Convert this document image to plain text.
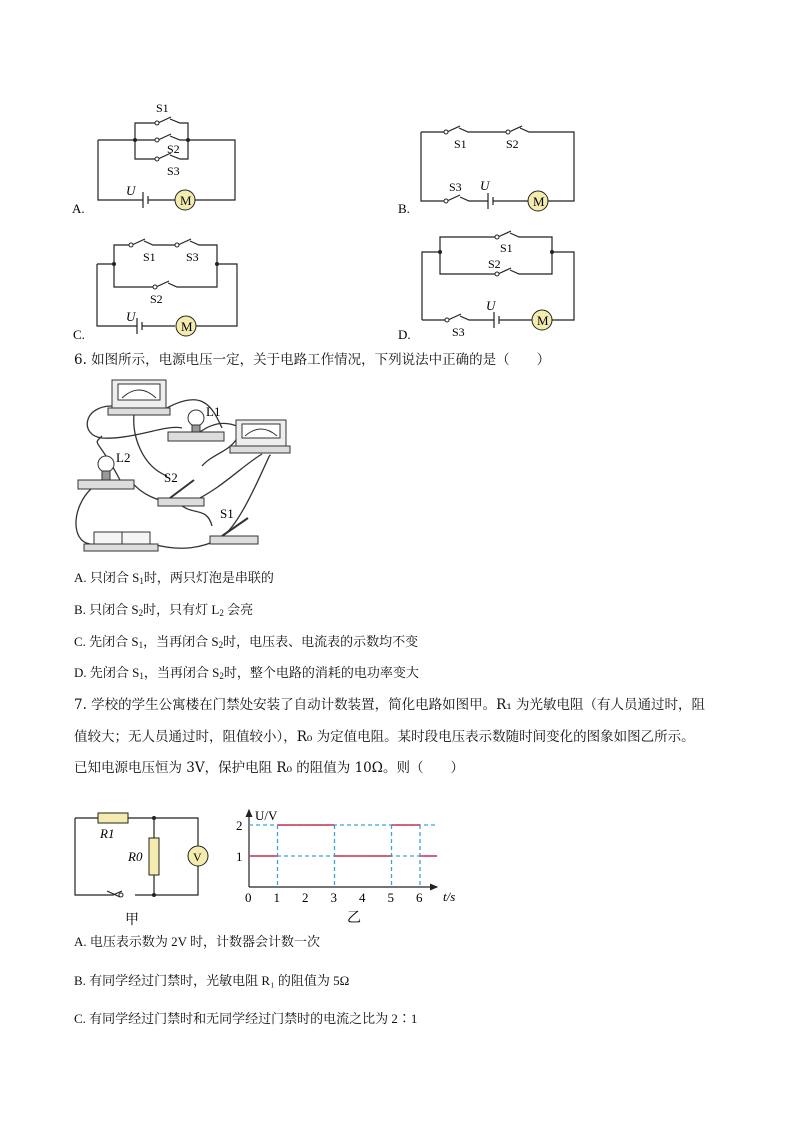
M
S1
S2
S3
U
A.	M
S1	S2
S3 U
B.
M
S1	S3
S2
U
C.
M
S1
S2
S3
U
D.
6. 如图所示，电源电压一定，关于电路工作情况，下列说法中正确的是（　　）
L1
L2
S2
S1
A. 只闭合 $S_1$时，两只灯泡是串联的
B. 只闭合 $S_2$时，只有灯 $L_2$ 会亮
C. 先闭合 $S_1$，当再闭合 $S_2$时，电压表、电流表的示数均不变
D. 先闭合 $S_1$，当再闭合 $S_2$时，整个电路的消耗的电功率变大
7. 学校的学生公寓楼在门禁处安装了自动计数装置，简化电路如图甲。R₁ 为光敏电阻（有人员通过时，阻
值较大；无人员通过时，阻值较小），R₀ 为定值电阻。某时段电压表示数随时间变化的图象如图乙所示。
已知电源电压恒为 3V，保护电阻 R₀ 的阻值为 10Ω。则（　　）
V
R1
R0
甲
U/V
t/s
乙
0 1 2 3 4 5 6
1
2
A. 电压表示数为 2V 时，计数器会计数一次
B. 有同学经过门禁时，光敏电阻 R₁ 的阻值为 5Ω
C. 有同学经过门禁时和无同学经过门禁时的电流之比为 2∶1
